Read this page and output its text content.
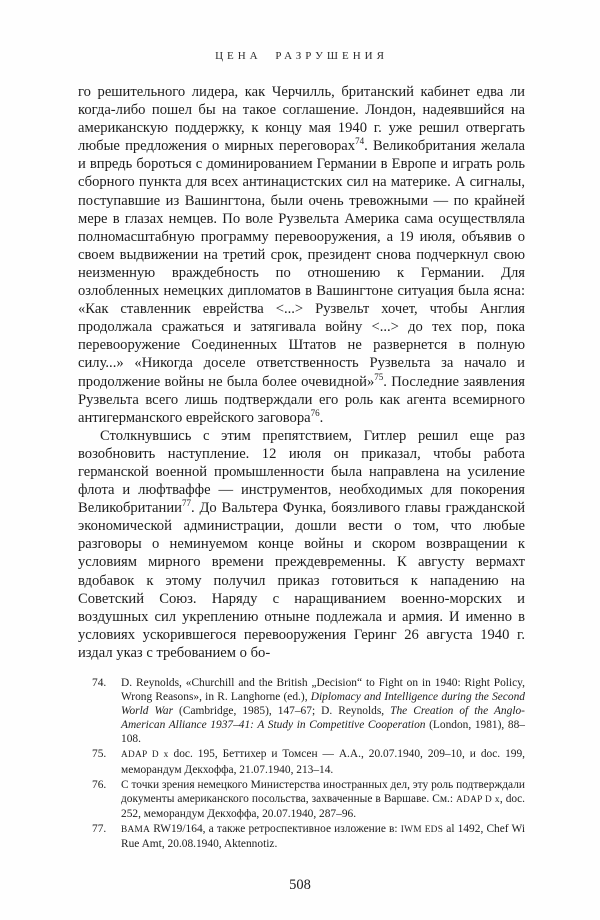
ЦЕНА РАЗРУШЕНИЯ

го решительного лидера, как Черчилль, британский кабинет едва ли когда-либо пошел бы на такое соглашение. Лондон, надеявшийся на американскую поддержку, к концу мая 1940 г. уже решил отвергать любые предложения о мирных переговорах$^{74}$. Великобритания желала и впредь бороться с доминированием Германии в Европе и играть роль сборного пункта для всех антинацистских сил на материке. А сигналы, поступавшие из Вашингтона, были очень тревожными — по крайней мере в глазах немцев. По воле Рузвельта Америка сама осуществляла полномасштабную программу перевооружения, а 19 июля, объявив о своем выдвижении на третий срок, президент снова подчеркнул свою неизменную враждебность по отношению к Германии. Для озлобленных немецких дипломатов в Вашингтоне ситуация была ясна: «Как ставленник еврейства <...> Рузвельт хочет, чтобы Англия продолжала сражаться и затягивала войну <...> до тех пор, пока перевооружение Соединенных Штатов не развернется в полную силу...» «Никогда доселе ответственность Рузвельта за начало и продолжение войны не была более очевидной»$^{75}$. Последние заявления Рузвельта всего лишь подтверждали его роль как агента всемирного антигерманского еврейского заговора$^{76}$.

Столкнувшись с этим препятствием, Гитлер решил еще раз возобновить наступление. 12 июля он приказал, чтобы работа германской военной промышленности была направлена на усиление флота и люфтваффе — инструментов, необходимых для покорения Великобритании$^{77}$. До Вальтера Функа, боязливого главы гражданской экономической администрации, дошли вести о том, что любые разговоры о неминуемом конце войны и скором возвращении к условиям мирного времени преждевременны. К августу вермахт вдобавок к этому получил приказ готовиться к нападению на Советский Союз. Наряду с наращиванием военно-морских и воздушных сил укреплению отныне подлежала и армия. И именно в условиях ускорившегося перевооружения Геринг 26 августа 1940 г. издал указ с требованием о бо-

74. D. Reynolds, «Churchill and the British „Decision“ to Fight on in 1940: Right Policy, Wrong Reasons», in R. Langhorne (ed.), Diplomacy and Intelligence during the Second World War (Cambridge, 1985), 147–67; D. Reynolds, The Creation of the Anglo-American Alliance 1937–41: A Study in Competitive Cooperation (London, 1981), 88–108.
75. ADAP D x doc. 195, Беттихер и Томсен — А.А., 20.07.1940, 209–10, и doc. 199, меморандум Декхоффа, 21.07.1940, 213–14.
76. С точки зрения немецкого Министерства иностранных дел, эту роль подтверждали документы американского посольства, захваченные в Варшаве. См.: ADAP D x, doc. 252, меморандум Декхоффа, 20.07.1940, 287–96.
77. BAMA RW19/164, а также ретроспективное изложение в: IWM EDS al 1492, Chef Wi Rue Amt, 20.08.1940, Aktennotiz.
508
